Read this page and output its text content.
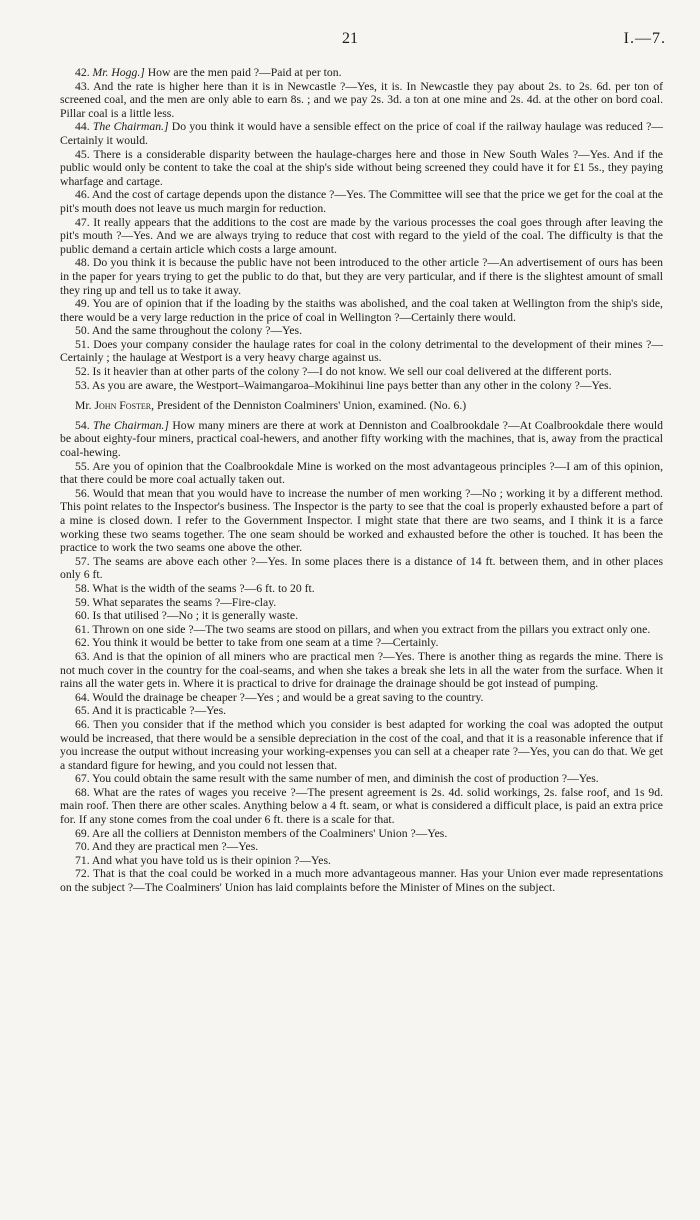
21	I.—7.

42. Mr. Hogg.] How are the men paid ?—Paid at per ton.

43. And the rate is higher here than it is in Newcastle ?—Yes, it is. In Newcastle they pay about 2s. to 2s. 6d. per ton of screened coal, and the men are only able to earn 8s. ; and we pay 2s. 3d. a ton at one mine and 2s. 4d. at the other on bord coal. Pillar coal is a little less.

44. The Chairman.] Do you think it would have a sensible effect on the price of coal if the railway haulage was reduced ?—Certainly it would.

45. There is a considerable disparity between the haulage-charges here and those in New South Wales ?—Yes. And if the public would only be content to take the coal at the ship's side without being screened they could have it for £1 5s., they paying wharfage and cartage.

46. And the cost of cartage depends upon the distance ?—Yes. The Committee will see that the price we get for the coal at the pit's mouth does not leave us much margin for reduction.

47. It really appears that the additions to the cost are made by the various processes the coal goes through after leaving the pit's mouth ?—Yes. And we are always trying to reduce that cost with regard to the yield of the coal. The difficulty is that the public demand a certain article which costs a large amount.

48. Do you think it is because the public have not been introduced to the other article ?—An advertisement of ours has been in the paper for years trying to get the public to do that, but they are very particular, and if there is the slightest amount of small they ring up and tell us to take it away.

49. You are of opinion that if the loading by the staiths was abolished, and the coal taken at Wellington from the ship's side, there would be a very large reduction in the price of coal in Wellington ?—Certainly there would.

50. And the same throughout the colony ?—Yes.

51. Does your company consider the haulage rates for coal in the colony detrimental to the development of their mines ?—Certainly ; the haulage at Westport is a very heavy charge against us.

52. Is it heavier than at other parts of the colony ?—I do not know. We sell our coal delivered at the different ports.

53. As you are aware, the Westport–Waimangaroa–Mokihinui line pays better than any other in the colony ?—Yes.

Mr. John Foster, President of the Denniston Coalminers' Union, examined. (No. 6.)

54. The Chairman.] How many miners are there at work at Denniston and Coalbrookdale ?—At Coalbrookdale there would be about eighty-four miners, practical coal-hewers, and another fifty working with the machines, that is, away from the practical coal-hewing.

55. Are you of opinion that the Coalbrookdale Mine is worked on the most advantageous principles ?—I am of this opinion, that there could be more coal actually taken out.

56. Would that mean that you would have to increase the number of men working ?—No ; working it by a different method. This point relates to the Inspector's business. The Inspector is the party to see that the coal is properly exhausted before a part of a mine is closed down. I refer to the Government Inspector. I might state that there are two seams, and I think it is a farce working these two seams together. The one seam should be worked and exhausted before the other is touched. It has been the practice to work the two seams one above the other.

57. The seams are above each other ?—Yes. In some places there is a distance of 14 ft. between them, and in other places only 6 ft.

58. What is the width of the seams ?—6 ft. to 20 ft.

59. What separates the seams ?—Fire-clay.

60. Is that utilised ?—No ; it is generally waste.

61. Thrown on one side ?—The two seams are stood on pillars, and when you extract from the pillars you extract only one.

62. You think it would be better to take from one seam at a time ?—Certainly.

63. And is that the opinion of all miners who are practical men ?—Yes. There is another thing as regards the mine. There is not much cover in the country for the coal-seams, and when she takes a break she lets in all the water from the surface. When it rains all the water gets in. Where it is practical to drive for drainage the drainage should be got instead of pumping.

64. Would the drainage be cheaper ?—Yes ; and would be a great saving to the country.

65. And it is practicable ?—Yes.

66. Then you consider that if the method which you consider is best adapted for working the coal was adopted the output would be increased, that there would be a sensible depreciation in the cost of the coal, and that it is a reasonable inference that if you increase the output without increasing your working-expenses you can sell at a cheaper rate ?—Yes, you can do that. We get a standard figure for hewing, and you could not lessen that.

67. You could obtain the same result with the same number of men, and diminish the cost of production ?—Yes.

68. What are the rates of wages you receive ?—The present agreement is 2s. 4d. solid workings, 2s. false roof, and 1s 9d. main roof. Then there are other scales. Anything below a 4 ft. seam, or what is considered a difficult place, is paid an extra price for. If any stone comes from the coal under 6 ft. there is a scale for that.

69. Are all the colliers at Denniston members of the Coalminers' Union ?—Yes.

70. And they are practical men ?—Yes.

71. And what you have told us is their opinion ?—Yes.

72. That is that the coal could be worked in a much more advantageous manner. Has your Union ever made representations on the subject ?—The Coalminers' Union has laid complaints before the Minister of Mines on the subject.
